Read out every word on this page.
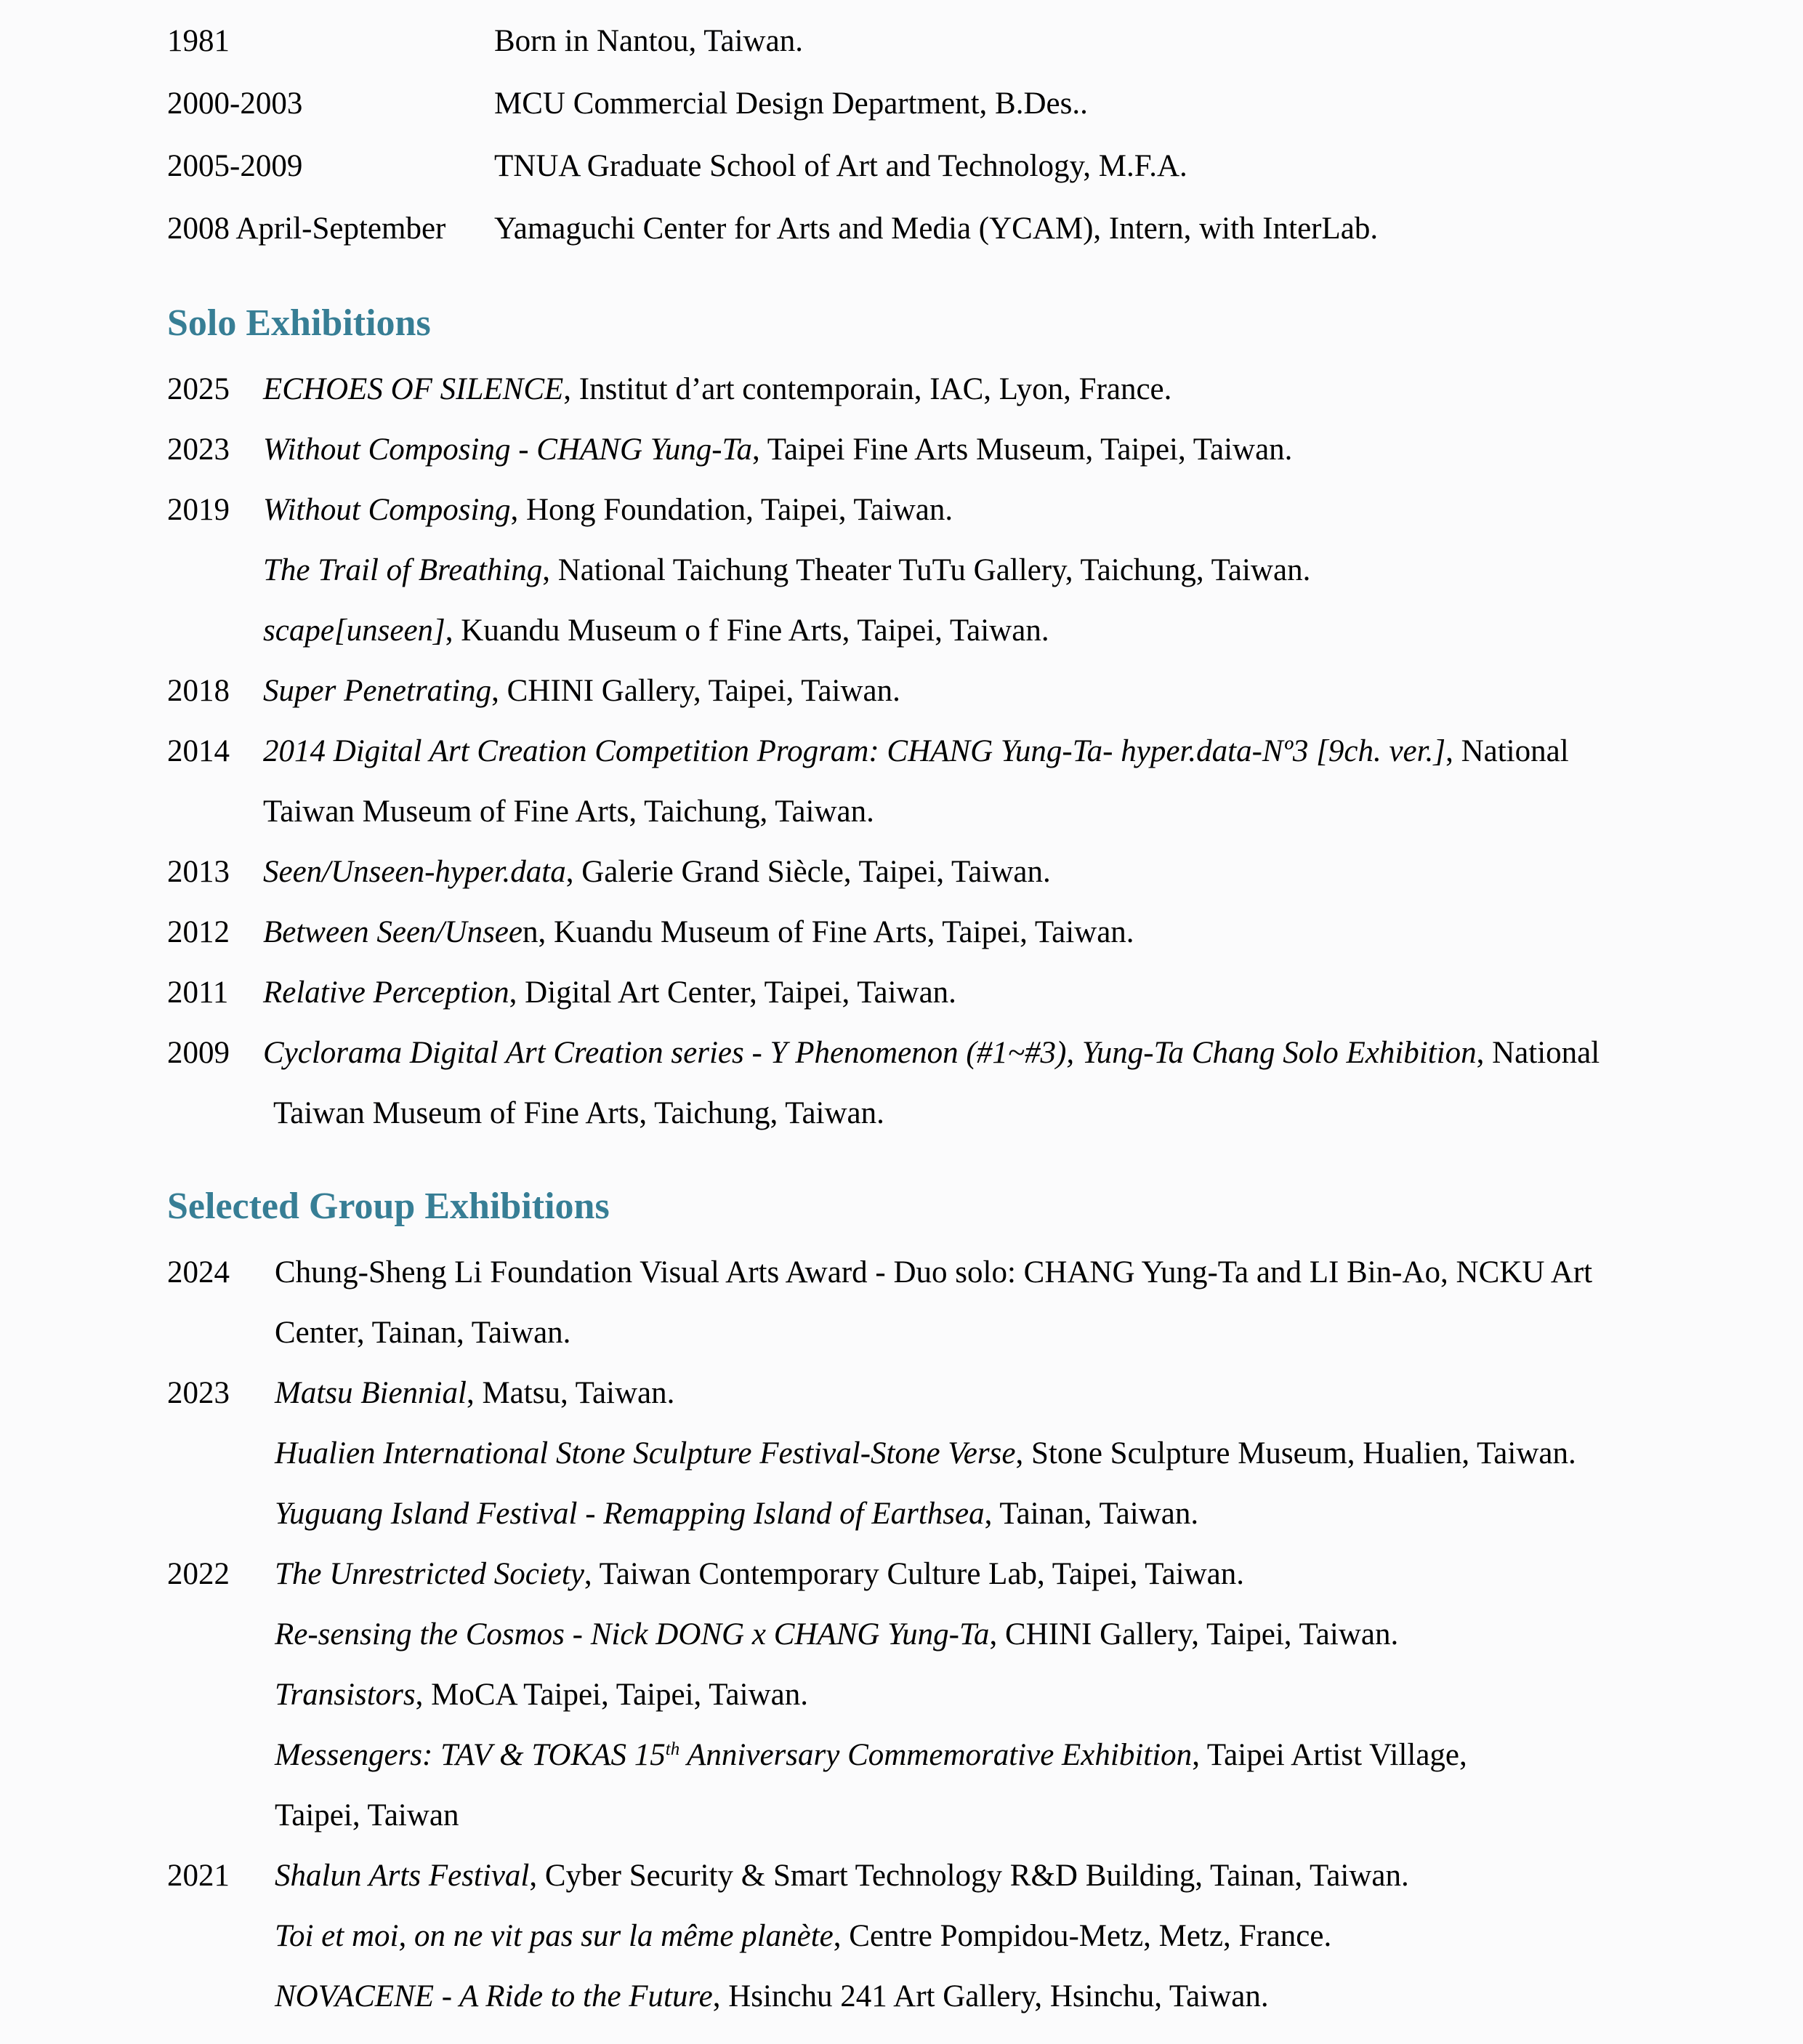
1981	Born in Nantou, Taiwan.
2000-2003	MCU Commercial Design Department, B.Des..
2005-2009	TNUA Graduate School of Art and Technology, M.F.A.
2008 April-September	Yamaguchi Center for Arts and Media (YCAM), Intern, with InterLab.
Solo Exhibitions
2025	ECHOES OF SILENCE, Institut d’art contemporain, IAC, Lyon, France.
2023	Without Composing - CHANG Yung-Ta, Taipei Fine Arts Museum, Taipei, Taiwan.
2019	Without Composing, Hong Foundation, Taipei, Taiwan.
The Trail of Breathing, National Taichung Theater TuTu Gallery, Taichung, Taiwan.
scape[unseen], Kuandu Museum o f Fine Arts, Taipei, Taiwan.
2018	Super Penetrating, CHINI Gallery, Taipei, Taiwan.
2014	2014 Digital Art Creation Competition Program: CHANG Yung-Ta- hyper.data-Nº3 [9ch. ver.], National
Taiwan Museum of Fine Arts, Taichung, Taiwan.
2013	Seen/Unseen-hyper.data, Galerie Grand Siècle, Taipei, Taiwan.
2012	Between Seen/Unseen, Kuandu Museum of Fine Arts, Taipei, Taiwan.
2011	Relative Perception, Digital Art Center, Taipei, Taiwan.
2009	Cyclorama Digital Art Creation series - Y Phenomenon (#1~#3), Yung-Ta Chang Solo Exhibition, National
Taiwan Museum of Fine Arts, Taichung, Taiwan.
Selected Group Exhibitions
2024	Chung-Sheng Li Foundation Visual Arts Award - Duo solo: CHANG Yung-Ta and LI Bin-Ao, NCKU Art
Center, Tainan, Taiwan.
2023	Matsu Biennial, Matsu, Taiwan.
Hualien International Stone Sculpture Festival-Stone Verse, Stone Sculpture Museum, Hualien, Taiwan.
Yuguang Island Festival - Remapping Island of Earthsea, Tainan, Taiwan.
2022	The Unrestricted Society, Taiwan Contemporary Culture Lab, Taipei, Taiwan.
Re-sensing the Cosmos - Nick DONG x CHANG Yung-Ta, CHINI Gallery, Taipei, Taiwan.
Transistors, MoCA Taipei, Taipei, Taiwan.
Messengers: TAV & TOKAS 15th Anniversary Commemorative Exhibition, Taipei Artist Village,
Taipei, Taiwan
2021	Shalun Arts Festival, Cyber Security & Smart Technology R&D Building, Tainan, Taiwan.
Toi et moi, on ne vit pas sur la même planète, Centre Pompidou-Metz, Metz, France.
NOVACENE - A Ride to the Future, Hsinchu 241 Art Gallery, Hsinchu, Taiwan.
